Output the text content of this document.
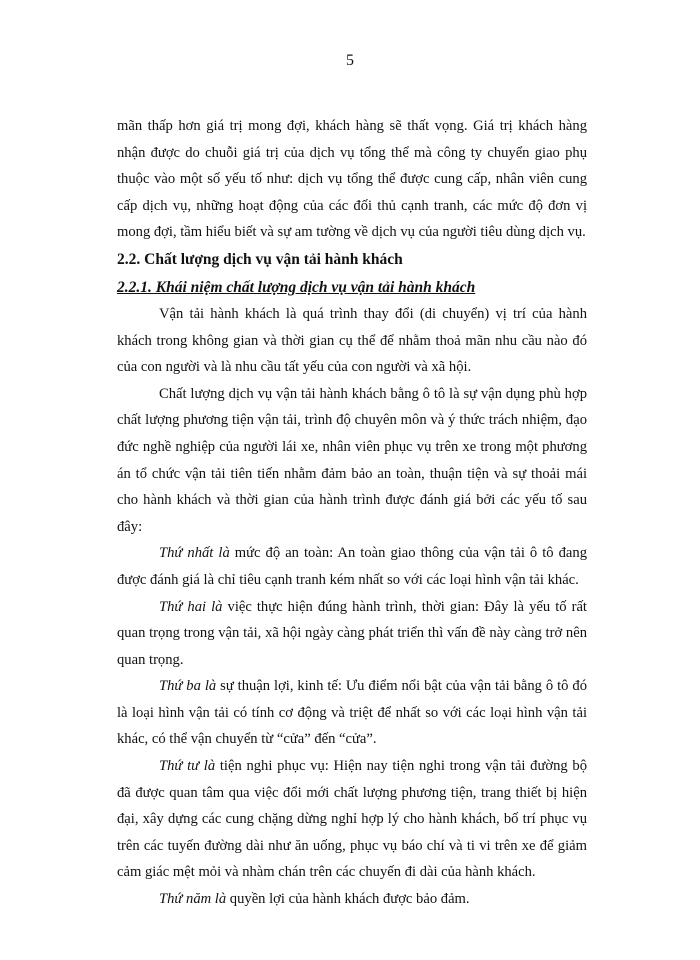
5

mãn thấp hơn giá trị mong đợi, khách hàng sẽ thất vọng. Giá trị khách hàng nhận được do chuỗi giá trị của dịch vụ tổng thể mà công ty chuyển giao phụ thuộc vào một số yếu tố như: dịch vụ tổng thể được cung cấp, nhân viên cung cấp dịch vụ, những hoạt động của các đối thủ cạnh tranh, các mức độ đơn vị mong đợi, tầm hiểu biết và sự am tường về dịch vụ của người tiêu dùng dịch vụ.

2.2. Chất lượng dịch vụ vận tải hành khách

2.2.1. Khái niệm chất lượng dịch vụ vận tải hành khách

Vận tải hành khách là quá trình thay đổi (di chuyển) vị trí của hành khách trong không gian và thời gian cụ thể để nhằm thoả mãn nhu cầu nào đó của con người và là nhu cầu tất yếu của con người và xã hội.

Chất lượng dịch vụ vận tải hành khách bằng ô tô là sự vận dụng phù hợp chất lượng phương tiện vận tải, trình độ chuyên môn và ý thức trách nhiệm, đạo đức nghề nghiệp của người lái xe, nhân viên phục vụ trên xe trong một phương án tổ chức vận tải tiên tiến nhằm đảm bảo an toàn, thuận tiện và sự thoải mái cho hành khách và thời gian của hành trình được đánh giá bởi các yếu tố sau đây:

Thứ nhất là mức độ an toàn: An toàn giao thông của vận tải ô tô đang được đánh giá là chỉ tiêu cạnh tranh kém nhất so với các loại hình vận tải khác.

Thứ hai là việc thực hiện đúng hành trình, thời gian: Đây là yếu tố rất quan trọng trong vận tải, xã hội ngày càng phát triển thì vấn đề này càng trở nên quan trọng.

Thứ ba là sự thuận lợi, kinh tế: Ưu điểm nổi bật của vận tải bằng ô tô đó là loại hình vận tải có tính cơ động và triệt để nhất so với các loại hình vận tải khác, có thể vận chuyển từ “cửa” đến “cửa”.

Thứ tư là tiện nghi phục vụ: Hiện nay tiện nghi trong vận tải đường bộ đã được quan tâm qua việc đổi mới chất lượng phương tiện, trang thiết bị hiện đại, xây dựng các cung chặng dừng nghỉ hợp lý cho hành khách, bố trí phục vụ trên các tuyến đường dài như ăn uống, phục vụ báo chí và ti vi trên xe để giảm cảm giác mệt mỏi và nhàm chán trên các chuyến đi dài của hành khách.

Thứ năm là quyền lợi của hành khách được bảo đảm.
